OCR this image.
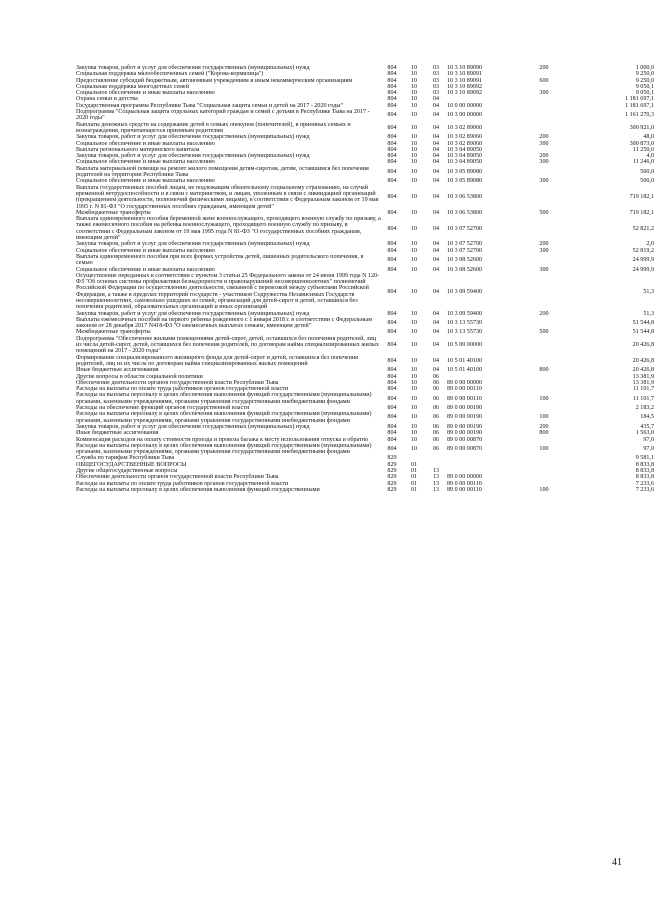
Закупка товаров, работ и услуг для обеспечения государственных (муниципальных) нужд	804	10	03	10 3 10 89090	200	1 000,0
Социальная поддержка малообеспеченных семей ("Корова-кормилица")	804	10	03	10 3 10 89091		9 250,0
Предоставление субсидий бюджетным, автономным учреждениям и иным некоммерческим организациям	804	10	03	10 3 10 89091	600	9 250,0
Социальная поддержка многодетных семей	804	10	03	10 3 10 89092		9 050,1
Социальное обеспечение и иные выплаты населению	804	10	03	10 3 10 89092	300	9 050,1
Охрана семьи и детства	804	10	04			1 181 697,1
Государственная программа Республики Тыва "Социальная защита семьи и детей на 2017 - 2020 годы"	804	10	04	10 0 00 00000		1 181 697,1
Подпрограмма "Социальная защита отдельных категорий граждан и семей с детьми в Республике Тыва на 2017 - 2020 годы"	804	10	04	10 3 00 00000		1 161 270,3
Выплаты денежных средств на содержание детей в семьях опекунов (попечителей), в приемных семьях и вознаграждения, причитающегося приемным родителям	804	10	04	10 3 02 89060		300 921,0
Закупка товаров, работ и услуг для обеспечения государственных (муниципальных) нужд	804	10	04	10 3 02 89060	200	48,0
Социальное обеспечение и иные выплаты населению	804	10	04	10 3 02 89060	300	300 873,0
Выплата регионального материнского капитала	804	10	04	10 3 04 89050		11 250,0
Закупка товаров, работ и услуг для обеспечения государственных (муниципальных) нужд	804	10	04	10 3 04 89050	200	4,0
Социальное обеспечение и иные выплаты населению	804	10	04	10 3 04 89050	300	11 246,0
Выплата материальной помощи на ремонт жилого помещения детям-сиротам, детям, оставшимся без попечения родителей на территории Республики Тыва	804	10	04	10 3 05 89080		500,0
Социальное обеспечение и иные выплаты населению	804	10	04	10 3 05 89080	300	500,0
Выплата государственных пособий лицам, не подлежащим обязательному социальному страхованию, на случай временной нетрудоспособности и в связи с материнством, и лицам, уволенным в связи с ликвидацией организаций (прекращением деятельности, полномочий физическими лицами), в соответствии с Федеральным законом от 19 мая 1995 г. N 81-ФЗ "О государственных пособиях гражданам, имеющим детей"	804	10	04	10 3 06 53800		719 182,1
Межбюджетные трансферты	804	10	04	10 3 06 53800	500	719 182,1
Выплата единовременного пособия беременной жене военнослужащего, проходящего военную службу по призыву, а также ежемесячного пособия на ребенка военнослужащего, проходящего военную службу по призыву, в соответствии с Федеральным законом от 19 мая 1995 года N 81-ФЗ "О государственных пособиях гражданам, имеющим детей"	804	10	04	10 3 07 52700		52 821,2
Закупка товаров, работ и услуг для обеспечения государственных (муниципальных) нужд	804	10	04	10 3 07 52700	200	2,0
Социальное обеспечение и иные выплаты населению	804	10	04	10 3 07 52700	300	52 819,2
Выплата единовременного пособия при всех формах устройства детей, лишенных родительского попечения, в семью	804	10	04	10 3 08 52600		24 999,9
Социальное обеспечение и иные выплаты населению	804	10	04	10 3 08 52600	300	24 999,9
Осуществление переданных в соответствии с пунктом 3 статьи 25 Федерального закона от 24 июня 1999 года N 120-ФЗ "Об основах системы профилактики безнадзорности и правонарушений несовершеннолетних" полномочий Российской Федерации по осуществлению деятельности, связанной с перевозкой между субъектами Российской Федерации, а также в пределах территорий государств - участников Содружества Независимых Государств несовершеннолетних, самовольно ушедших из семей, организаций для детей-сирот и детей, оставшихся без попечения родителей, образовательных организаций и иных организаций	804	10	04	10 3 09 59400		51,3
Закупка товаров, работ и услуг для обеспечения государственных (муниципальных) нужд	804	10	04	10 3 09 59400	200	51,3
Выплаты ежемесячных пособий на первого ребенка рожденного с 1 января 2018 г. в соответствии с Федеральным законом от 28 декабря 2017 N418-ФЗ "О ежемесячных выплатах семьям, имеющим детей"	804	10	04	10 3 13 55730		51 544,8
Межбюджетные трансферты	804	10	04	10 3 13 55730	500	51 544,8
Подпрограмма "Обеспечение жилыми помещениями детей-сирот, детей, оставшихся без попечения родителей, лиц из числа детей-сирот, детей, оставшихся без попечения родителей, по договорам найма специализированных жилых помещений на 2017 - 2020 годы"	804	10	04	10 5 00 00000		20 426,8
Формирование специализированного жилищного фонда для детей-сирот и детей, оставшихся без попечения родителей, лиц из их числа по договорам найма специализированных жилых помещений	804	10	04	10 5 01 40100		20 426,8
Иные бюджетные ассигнования	804	10	04	10 5 01 40100	800	20 426,8
Другие вопросы в области социальной политики	804	10	06			13 381,9
Обеспечение деятельности органов государственной власти Республики Тыва	804	10	06	89 0 00 00000		13 381,9
Расходы на выплаты по оплате труда работников органов государственной власти	804	10	06	89 0 00 00110		11 101,7
Расходы на выплаты персоналу в целях обеспечения выполнения функций государственными (муниципальными) органами, казенными учреждениями, органами управления государственными внебюджетными фондами	804	10	06	89 0 00 00110	100	11 101,7
Расходы на обеспечение функций органов государственной власти	804	10	06	89 0 00 00190		2 183,2
Расходы на выплаты персоналу в целях обеспечения выполнения функций государственными (муниципальными) органами, казенными учреждениями, органами управления государственными внебюджетными фондами	804	10	06	89 0 00 00190	100	184,5
Закупка товаров, работ и услуг для обеспечения государственных (муниципальных) нужд	804	10	06	89 0 00 00190	200	435,7
Иные бюджетные ассигнования	804	10	06	89 0 00 00190	800	1 563,0
Компенсация расходов на оплату стоимости проезда и провоза багажа к месту использования отпуска и обратно	804	10	06	89 0 00 00870		97,0
Расходы на выплаты персоналу в целях обеспечения выполнения функций государственными (муниципальными) органами, казенными учреждениями, органами управления государственными внебюджетными фондами	804	10	06	89 0 00 00870	100	97,0
Служба по тарифам Республики Тыва	829					9 581,1
ОБЩЕГОСУДАРСТВЕННЫЕ ВОПРОСЫ	829	01				8 833,8
Другие общегосударственные вопросы	829	01	13			8 833,8
Обеспечение деятельности органов государственной власти Республики Тыва	829	01	13	89 0 00 00000		8 833,8
Расходы на выплаты по оплате труда работников органов государственной власти	829	01	13	89 0 00 00110		7 233,6
Расходы на выплаты персоналу в целях обеспечения выполнения функций государственными	829	01	13	89 0 00 00110	100	7 233,6
41
